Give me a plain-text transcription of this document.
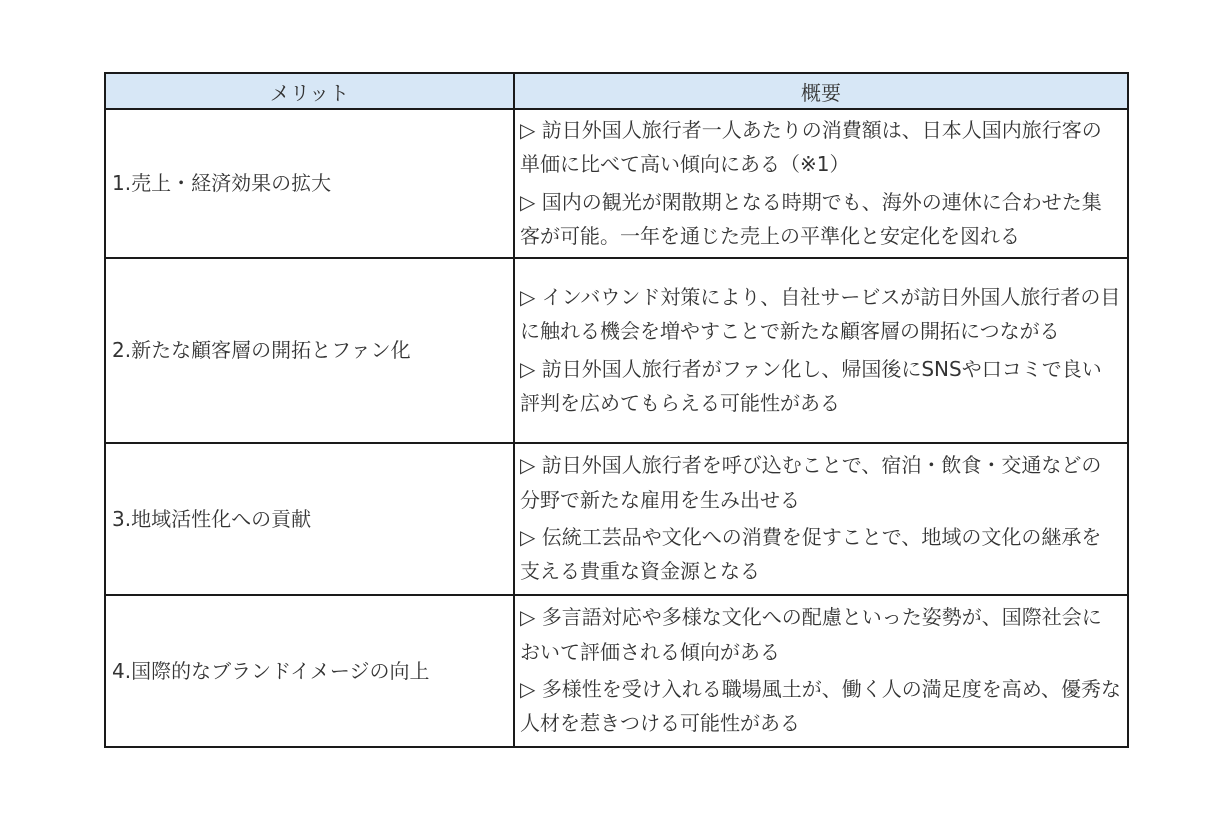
メリット	概要
1.売上・経済効果の拡大	▷ 訪日外国人旅行者一人あたりの消費額は、日本人国内旅行客の単価に比べて高い傾向にある（※1）

▷ 国内の観光が閑散期となる時期でも、海外の連休に合わせた集客が可能。一年を通じた売上の平準化と安定化を図れる

2.新たな顧客層の開拓とファン化	▷ インバウンド対策により、自社サービスが訪日外国人旅行者の目に触れる機会を増やすことで新たな顧客層の開拓につながる

▷ 訪日外国人旅行者がファン化し、帰国後にSNSや口コミで良い評判を広めてもらえる可能性がある

3.地域活性化への貢献	▷ 訪日外国人旅行者を呼び込むことで、宿泊・飲食・交通などの分野で新たな雇用を生み出せる

▷ 伝統工芸品や文化への消費を促すことで、地域の文化の継承を支える貴重な資金源となる

4.国際的なブランドイメージの向上	▷ 多言語対応や多様な文化への配慮といった姿勢が、国際社会において評価される傾向がある

▷ 多様性を受け入れる職場風土が、働く人の満足度を高め、優秀な人材を惹きつける可能性がある
